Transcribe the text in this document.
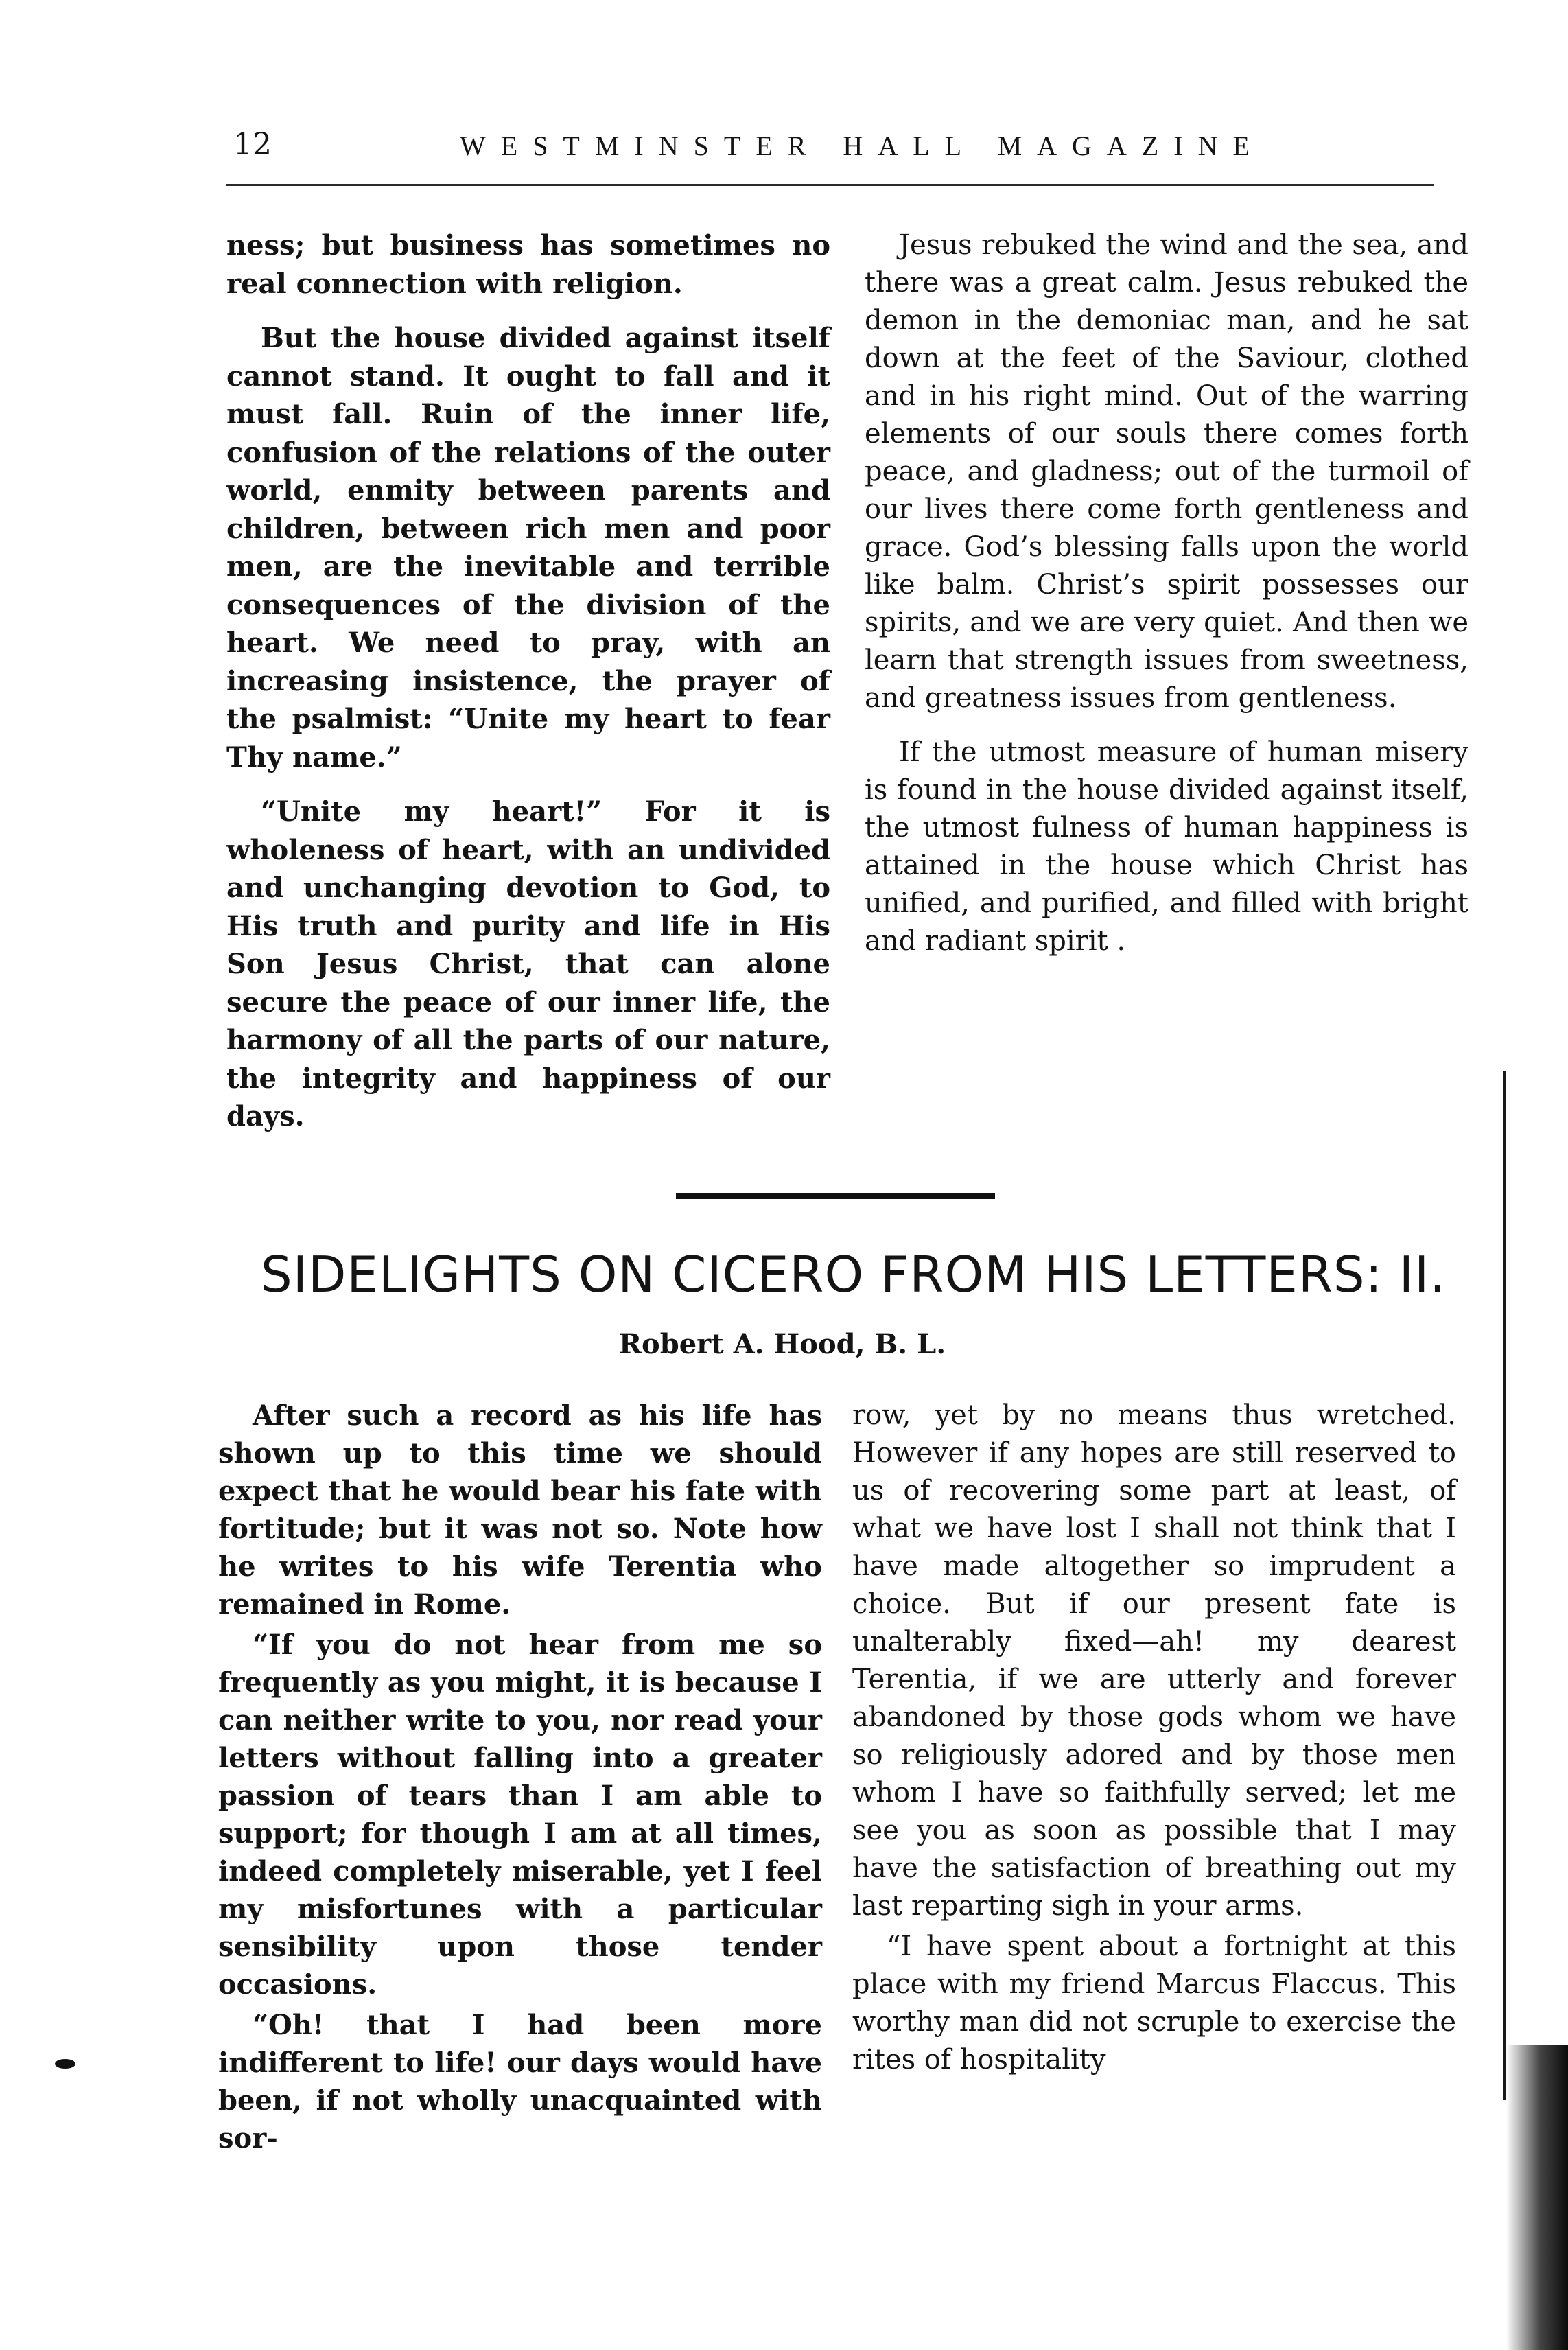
12	WESTMINSTER HALL MAGAZINE

ness; but business has sometimes no real connection with religion.

But the house divided against itself cannot stand. It ought to fall and it must fall. Ruin of the inner life, confusion of the relations of the outer world, enmity between parents and children, between rich men and poor men, are the inevitable and terrible consequences of the division of the heart. We need to pray, with an increasing insistence, the prayer of the psalmist: “Unite my heart to fear Thy name.”

“Unite my heart!” For it is wholeness of heart, with an undivided and unchanging devotion to God, to His truth and purity and life in His Son Jesus Christ, that can alone secure the peace of our inner life, the harmony of all the parts of our nature, the integrity and happiness of our days.

Jesus rebuked the wind and the sea, and there was a great calm. Jesus rebuked the demon in the demoniac man, and he sat down at the feet of the Saviour, clothed and in his right mind. Out of the warring elements of our souls there comes forth peace, and gladness; out of the turmoil of our lives there come forth gentleness and grace. God’s blessing falls upon the world like balm. Christ’s spirit possesses our spirits, and we are very quiet. And then we learn that strength issues from sweetness, and greatness issues from gentleness.

If the utmost measure of human misery is found in the house divided against itself, the utmost fulness of human happiness is attained in the house which Christ has unified, and purified, and filled with bright and radiant spirit .

SIDELIGHTS ON CICERO FROM HIS LETTERS: II.
Robert A. Hood, B. L.

After such a record as his life has shown up to this time we should expect that he would bear his fate with fortitude; but it was not so. Note how he writes to his wife Terentia who remained in Rome.

“If you do not hear from me so frequently as you might, it is because I can neither write to you, nor read your letters without falling into a greater passion of tears than I am able to support; for though I am at all times, indeed completely miserable, yet I feel my misfortunes with a particular sensibility upon those tender occasions.

“Oh! that I had been more indifferent to life! our days would have been, if not wholly unacquainted with sor-

row, yet by no means thus wretched. However if any hopes are still reserved to us of recovering some part at least, of what we have lost I shall not think that I have made altogether so imprudent a choice. But if our present fate is unalterably fixed—ah! my dearest Terentia, if we are utterly and forever abandoned by those gods whom we have so religiously adored and by those men whom I have so faithfully served; let me see you as soon as possible that I may have the satisfaction of breathing out my last reparting sigh in your arms.

“I have spent about a fortnight at this place with my friend Marcus Flaccus. This worthy man did not scruple to exercise the rites of hospitality
